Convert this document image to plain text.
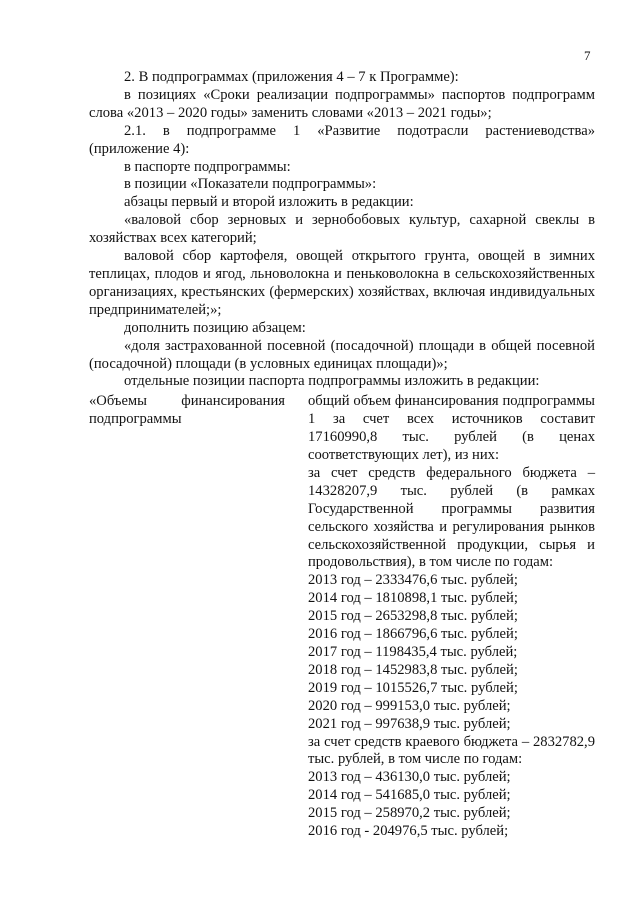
7

2. В подпрограммах (приложения 4 – 7 к Программе):

в позициях «Сроки реализации подпрограммы» паспортов подпрограмм слова «2013 – 2020 годы» заменить словами «2013 – 2021 годы»;

2.1. в подпрограмме 1 «Развитие подотрасли растениеводства» (приложение 4):

в паспорте подпрограммы:

в позиции «Показатели подпрограммы»:

абзацы первый и второй изложить в редакции:

«валовой сбор зерновых и зернобобовых культур, сахарной свеклы в хозяйствах всех категорий;

валовой сбор картофеля, овощей открытого грунта, овощей в зимних теплицах, плодов и ягод, льноволокна и пеньковолокна в сельскохозяйственных организациях, крестьянских (фермерских) хозяйствах, включая индивидуальных предпринимателей;»;

дополнить позицию абзацем:

«доля застрахованной посевной (посадочной) площади в общей посевной (посадочной) площади (в условных единицах площади)»;

отдельные позиции паспорта подпрограммы изложить в редакции:

«Объемы финансирования подпрограммы

общий объем финансирования подпрограммы 1 за счет всех источников составит 17160990,8 тыс. рублей (в ценах соответствующих лет), из них:

за счет средств федерального бюджета – 14328207,9 тыс. рублей (в рамках Государственной программы развития сельского хозяйства и регулирования рынков сельскохозяйственной продукции, сырья и продовольствия), в том числе по годам:

2013 год – 2333476,6 тыс. рублей;
2014 год – 1810898,1 тыс. рублей;
2015 год – 2653298,8 тыс. рублей;
2016 год – 1866796,6 тыс. рублей;
2017 год – 1198435,4 тыс. рублей;
2018 год – 1452983,8 тыс. рублей;
2019 год – 1015526,7 тыс. рублей;
2020 год – 999153,0 тыс. рублей;
2021 год – 997638,9 тыс. рублей;

за счет средств краевого бюджета – 2832782,9 тыс. рублей, в том числе по годам:

2013 год – 436130,0 тыс. рублей;
2014 год – 541685,0 тыс. рублей;
2015 год – 258970,2 тыс. рублей;
2016 год - 204976,5 тыс. рублей;
